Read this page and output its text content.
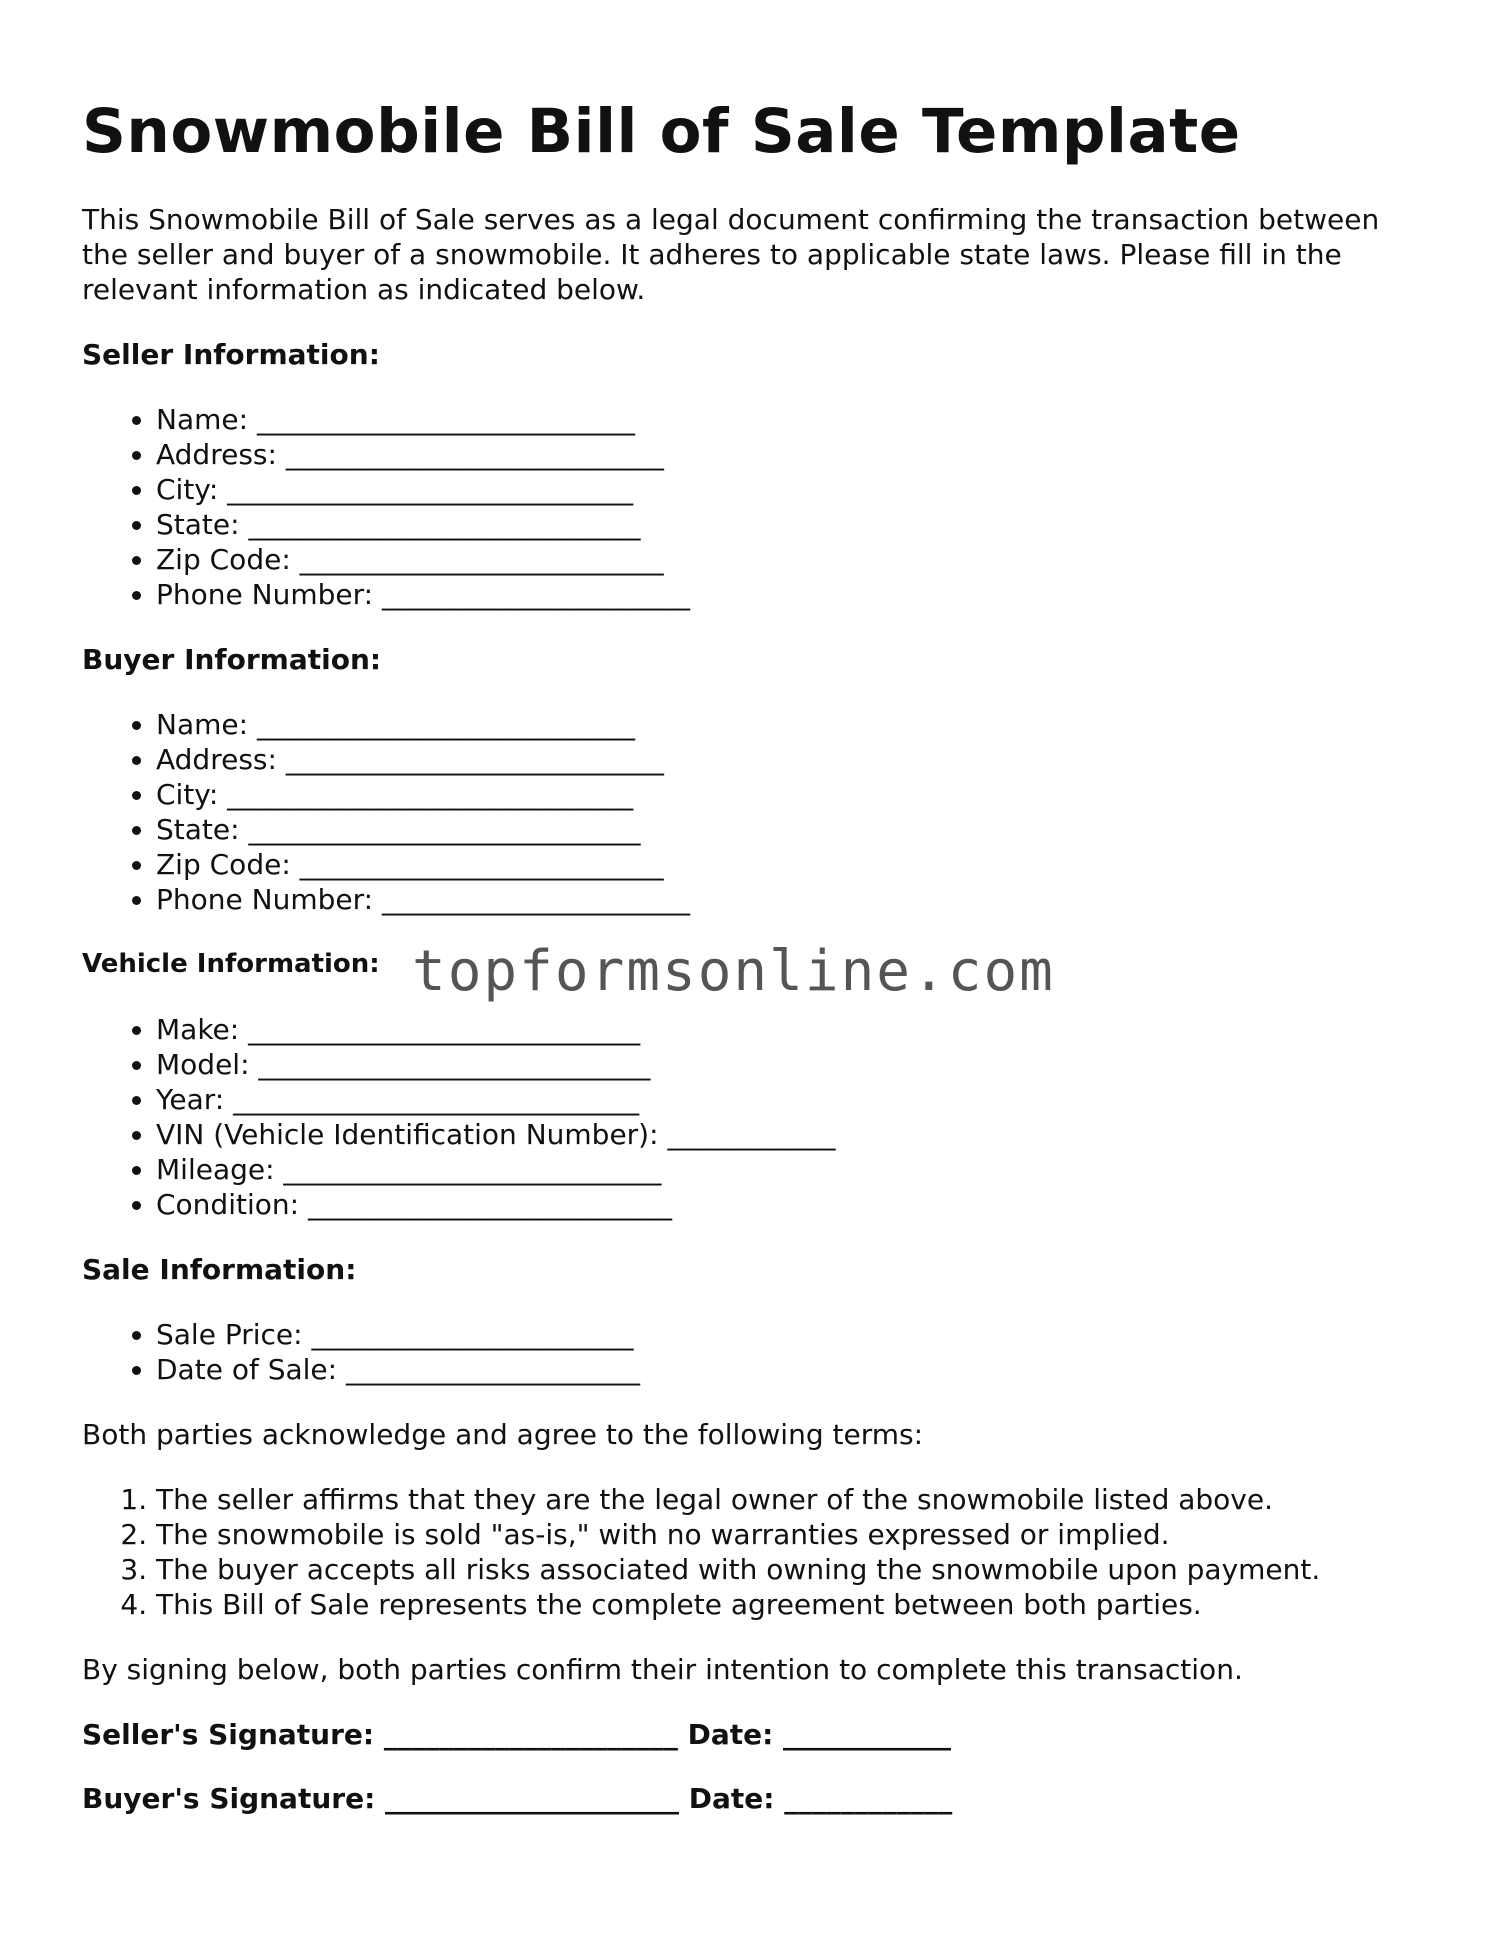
Snowmobile Bill of Sale Template

This Snowmobile Bill of Sale serves as a legal document confirming the transaction between the seller and buyer of a snowmobile. It adheres to applicable state laws. Please fill in the relevant information as indicated below.

Seller Information:
• Name: ___________________________
• Address: ___________________________
• City: _____________________________
• State: ____________________________
• Zip Code: __________________________
• Phone Number: ______________________
Buyer Information:
• Name: ___________________________
• Address: ___________________________
• City: _____________________________
• State: ____________________________
• Zip Code: __________________________
• Phone Number: ______________________
Vehicle Information:
• Make: ____________________________
• Model: ____________________________
• Year: _____________________________
• VIN (Vehicle Identification Number): ____________
• Mileage: ___________________________
• Condition: __________________________
Sale Information:
• Sale Price: _______________________
• Date of Sale: _____________________

Both parties acknowledge and agree to the following terms:

1. The seller affirms that they are the legal owner of the snowmobile listed above.
2. The snowmobile is sold "as-is," with no warranties expressed or implied.
3. The buyer accepts all risks associated with owning the snowmobile upon payment.
4. This Bill of Sale represents the complete agreement between both parties.

By signing below, both parties confirm their intention to complete this transaction.

Seller's Signature: _____________________ Date: ____________
Buyer's Signature: _____________________ Date: ____________
topformsonline.com
